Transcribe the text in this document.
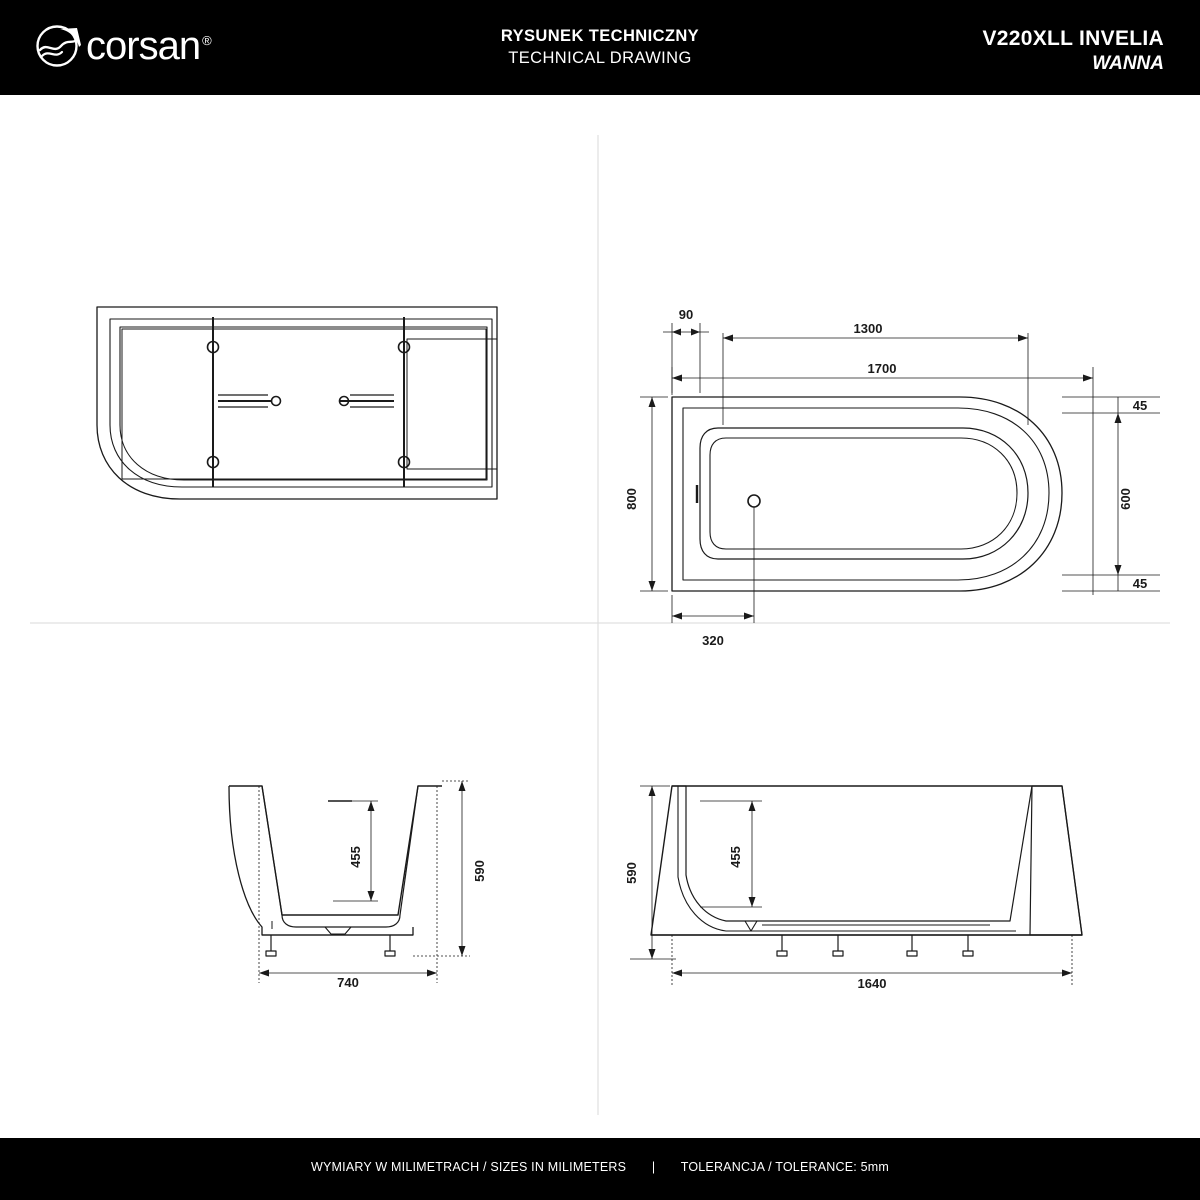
corsan ®	RYSUNEK TECHNICZNY
TECHNICAL DRAWING
V220XLL INVELIA
WANNA
90
1300
1700
45
45
600
800
320
455
590
740
590
455
1640
WYMIARY W MILIMETRACH / SIZES IN MILIMETERS | TOLERANCJA / TOLERANCE: 5mm
